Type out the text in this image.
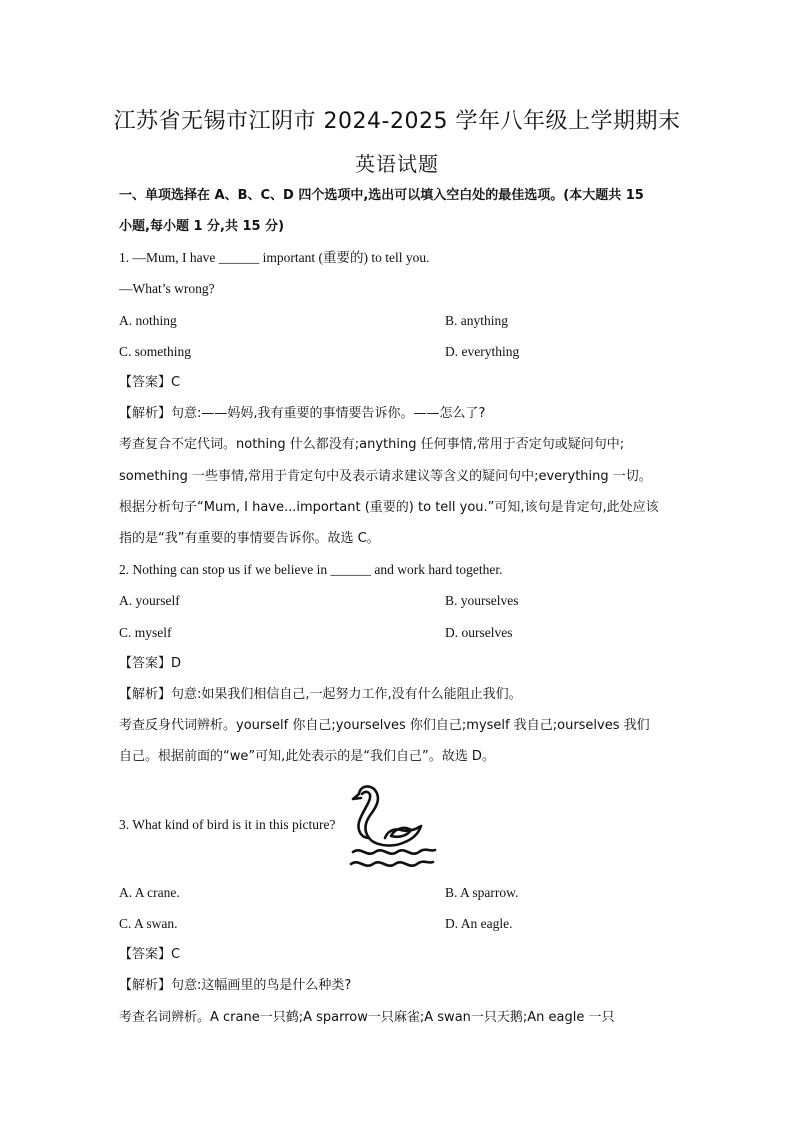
江苏省无锡市江阴市 2024-2025 学年八年级上学期期末
英语试题
一、单项选择在 A、B、C、D 四个选项中,选出可以填入空白处的最佳选项。(本大题共 15
小题,每小题 1 分,共 15 分)
1. —Mum, I have ______ important (重要的) to tell you.
—What’s wrong?
A. nothing	B. anything
C. something	D. everything
【答案】C
【解析】句意:——妈妈,我有重要的事情要告诉你。——怎么了?
考查复合不定代词。nothing 什么都没有;anything 任何事情,常用于否定句或疑问句中;
something 一些事情,常用于肯定句中及表示请求建议等含义的疑问句中;everything 一切。
根据分析句子“Mum, I have...important (重要的) to tell you.”可知,该句是肯定句,此处应该
指的是“我”有重要的事情要告诉你。故选 C。
2. Nothing can stop us if we believe in ______ and work hard together.
A. yourself	B. yourselves
C. myself	D. ourselves
【答案】D
【解析】句意:如果我们相信自己,一起努力工作,没有什么能阻止我们。
考查反身代词辨析。yourself 你自己;yourselves 你们自己;myself 我自己;ourselves 我们
自己。根据前面的“we”可知,此处表示的是“我们自己”。故选 D。
3. What kind of bird is it in this picture?
A. A crane.	B. A sparrow.
C. A swan.	D. An eagle.
【答案】C
【解析】句意:这幅画里的鸟是什么种类?
考查名词辨析。A crane一只鹤;A sparrow一只麻雀;A swan一只天鹅;An eagle 一只
